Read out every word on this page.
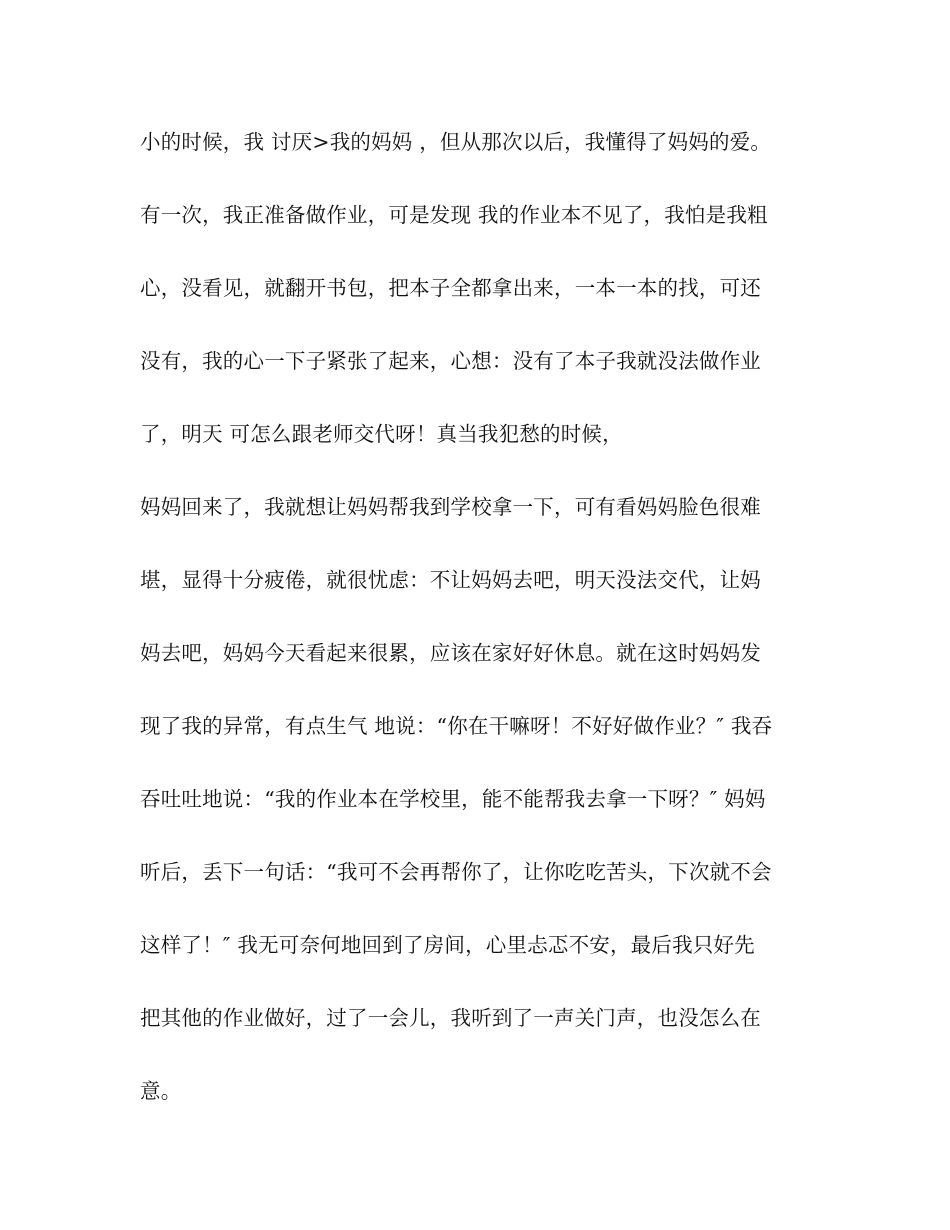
小的时候，我 讨厌>我的妈妈 ，但从那次以后，我懂得了妈妈的爱。
有一次，我正准备做作业，可是发现 我的作业本不见了，我怕是我粗
心，没看见，就翻开书包，把本子全都拿出来，一本一本的找，可还
没有，我的心一下子紧张了起来，心想：没有了本子我就没法做作业
了，明天 可怎么跟老师交代呀！真当我犯愁的时候，
妈妈回来了，我就想让妈妈帮我到学校拿一下，可有看妈妈脸色很难
堪，显得十分疲倦，就很忧虑：不让妈妈去吧，明天没法交代，让妈
妈去吧，妈妈今天看起来很累，应该在家好好休息。就在这时妈妈发
现了我的异常，有点生气 地说：“你在干嘛呀！不好好做作业？″ 我吞
吞吐吐地说：“我的作业本在学校里，能不能帮我去拿一下呀？″ 妈妈
听后，丢下一句话：“我可不会再帮你了，让你吃吃苦头，下次就不会
这样了！″ 我无可奈何地回到了房间，心里忐忑不安，最后我只好先
把其他的作业做好，过了一会儿，我听到了一声关门声，也没怎么在
意。
